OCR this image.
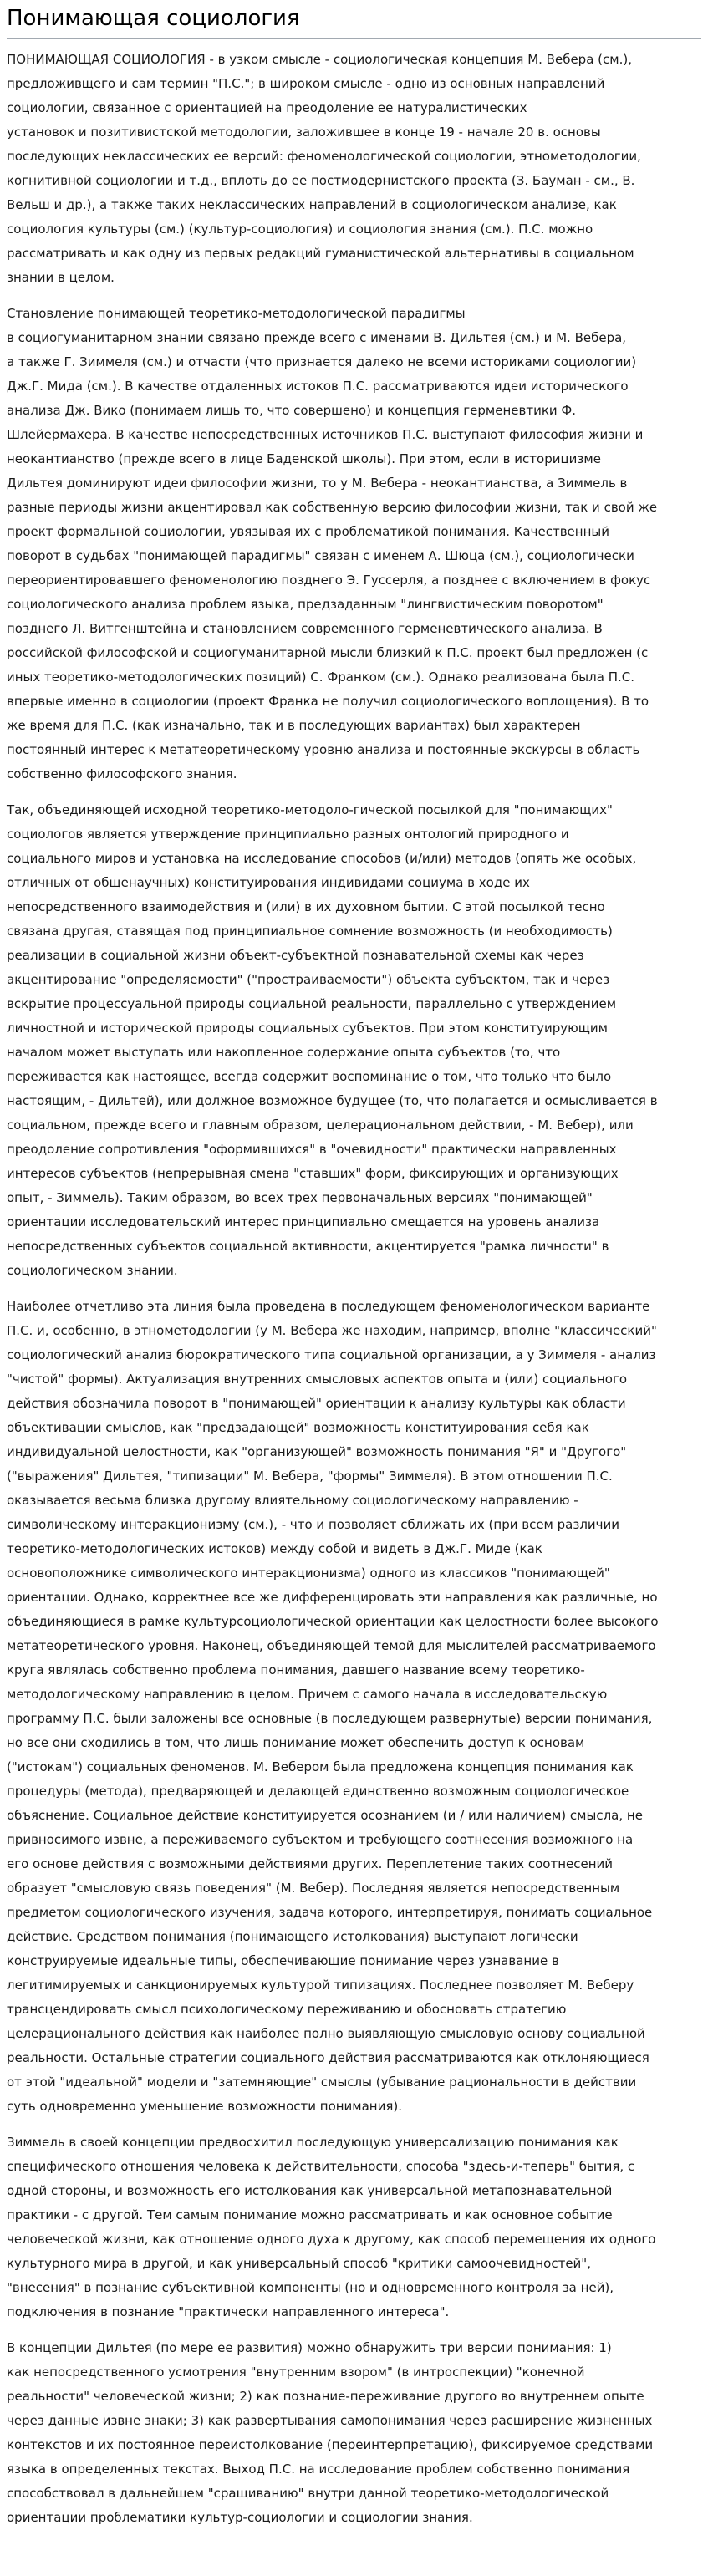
Понимающая социология

ПОНИМАЮЩАЯ СОЦИОЛОГИЯ - в узком смысле - социологическая концепция М. Вебера (см.),
предложивщего и сам термин "П.С."; в широком смысле - одно из основных направлений
социологии, связанное с ориентацией на преодоление ее натуралистических
установок и позитивистской методологии, заложившее в конце 19 - начале 20 в. основы
последующих неклассических ее версий: феноменологической социологии, этнометодологии,
когнитивной социологии и т.д., вплоть до ее постмодернистского проекта (З. Бауман - см., В.
Вельш и др.), а также таких неклассических направлений в социологическом анализе, как
социология культуры (см.) (культур-социология) и социология знания (см.). П.С. можно
рассматривать и как одну из первых редакций гуманистической альтернативы в социальном
знании в целом.

Становление понимающей теоретико-методологической парадигмы
в социогуманитарном знании связано прежде всего с именами В. Дильтея (см.) и М. Вебера,
а также Г. Зиммеля (см.) и отчасти (что признается далеко не всеми историками социологии)
Дж.Г. Мида (см.). В качестве отдаленных истоков П.С. рассматриваются идеи исторического
анализа Дж. Вико (понимаем лишь то, что совершено) и концепция герменевтики Ф.
Шлейермахера. В качестве непосредственных источников П.С. выступают философия жизни и
неокантианство (прежде всего в лице Баденской школы). При этом, если в историцизме
Дильтея доминируют идеи философии жизни, то у М. Вебера - неокантианства, а Зиммель в
разные периоды жизни акцентировал как собственную версию философии жизни, так и свой же
проект формальной социологии, увязывая их с проблематикой понимания. Качественный
поворот в судьбах "понимающей парадигмы" связан с именем А. Шюца (см.), социологически
переориентировавшего феноменологию позднего Э. Гуссерля, а позднее с включением в фокус
социологического анализа проблем языка, предзаданным "лингвистическим поворотом"
позднего Л. Витгенштейна и становлением современного герменевтического анализа. В
российской философской и социогуманитарной мысли близкий к П.С. проект был предложен (с
иных теоретико-методологических позиций) С. Франком (см.). Однако реализована была П.С.
впервые именно в социологии (проект Франка не получил социологического воплощения). В то
же время для П.С. (как изначально, так и в последующих вариантах) был характерен
постоянный интерес к метатеоретическому уровню анализа и постоянные экскурсы в область
собственно философского знания.

Так, объединяющей исходной теоретико-методоло-гической посылкой для "понимающих"
социологов является утверждение принципиально разных онтологий природного и
социального миров и установка на исследование способов (и/или) методов (опять же особых,
отличных от общенаучных) конституирования индивидами социума в ходе их
непосредственного взаимодействия и (или) в их духовном бытии. С этой посылкой тесно
связана другая, ставящая под принципиальное сомнение возможность (и необходимость)
реализации в социальной жизни объект-субъектной познавательной схемы как через
акцентирование "определяемости" ("простраиваемости") объекта субъектом, так и через
вскрытие процессуальной природы социальной реальности, параллельно с утверждением
личностной и исторической природы социальных субъектов. При этом конституирующим
началом может выступать или накопленное содержание опыта субъектов (то, что
переживается как настоящее, всегда содержит воспоминание о том, что только что было
настоящим, - Дильтей), или должное возможное будущее (то, что полагается и осмысливается в
социальном, прежде всего и главным образом, целерациональном действии, - М. Вебер), или
преодоление сопротивления "оформившихся" в "очевидности" практически направленных
интересов субъектов (непрерывная смена "ставших" форм, фиксирующих и организующих
опыт, - Зиммель). Таким образом, во всех трех первоначальных версиях "понимающей"
ориентации исследовательский интерес принципиально смещается на уровень анализа
непосредственных субъектов социальной активности, акцентируется "рамка личности" в
социологическом знании.

Наиболее отчетливо эта линия была проведена в последующем феноменологическом варианте
П.С. и, особенно, в этнометодологии (у М. Вебера же находим, например, вполне "классический"
социологический анализ бюрократического типа социальной организации, а у Зиммеля - анализ
"чистой" формы). Актуализация внутренних смысловых аспектов опыта и (или) социального
действия обозначила поворот в "понимающей" ориентации к анализу культуры как области
объективации смыслов, как "предзадающей" возможность конституирования себя как
индивидуальной целостности, как "организующей" возможность понимания "Я" и "Другого"
("выражения" Дильтея, "типизации" М. Вебера, "формы" Зиммеля). В этом отношении П.С.
оказывается весьма близка другому влиятельному социологическому направлению -
символическому интеракционизму (см.), - что и позволяет сближать их (при всем различии
теоретико-методологических истоков) между собой и видеть в Дж.Г. Миде (как
основоположнике символического интеракционизма) одного из классиков "понимающей"
ориентации. Однако, корректнее все же дифференцировать эти направления как различные, но
объединяющиеся в рамке культурсоциологической ориентации как целостности более высокого
метатеоретического уровня. Наконец, объединяющей темой для мыслителей рассматриваемого
круга являлась собственно проблема понимания, давшего название всему теоретико-
методологическому направлению в целом. Причем с самого начала в исследовательскую
программу П.С. были заложены все основные (в последующем развернутые) версии понимания,
но все они сходились в том, что лишь понимание может обеспечить доступ к основам
("истокам") социальных феноменов. М. Вебером была предложена концепция понимания как
процедуры (метода), предваряющей и делающей единственно возможным социологическое
объяснение. Социальное действие конституируется осознанием (и / или наличием) смысла, не
привносимого извне, а переживаемого субъектом и требующего соотнесения возможного на
его основе действия с возможными действиями других. Переплетение таких соотнесений
образует "смысловую связь поведения" (М. Вебер). Последняя является непосредственным
предметом социологического изучения, задача которого, интерпретируя, понимать социальное
действие. Средством понимания (понимающего истолкования) выступают логически
конструируемые идеальные типы, обеспечивающие понимание через узнавание в
легитимируемых и санкционируемых культурой типизациях. Последнее позволяет М. Веберу
трансцендировать смысл психологическому переживанию и обосновать стратегию
целерационального действия как наиболее полно выявляющую смысловую основу социальной
реальности. Остальные стратегии социального действия рассматриваются как отклоняющиеся
от этой "идеальной" модели и "затемняющие" смыслы (убывание рациональности в действии
суть одновременно уменьшение возможности понимания).

Зиммель в своей концепции предвосхитил последующую универсализацию понимания как
специфического отношения человека к действительности, способа "здесь-и-теперь" бытия, с
одной стороны, и возможность его истолкования как универсальной метапознавательной
практики - с другой. Тем самым понимание можно рассматривать и как основное событие
человеческой жизни, как отношение одного духа к другому, как способ перемещения их одного
культурного мира в другой, и как универсальный способ "критики самоочевидностей",
"внесения" в познание субъективной компоненты (но и одновременного контроля за ней),
подключения в познание "практически направленного интереса".

В концепции Дильтея (по мере ее развития) можно обнаружить три версии понимания: 1)
как непосредственного усмотрения "внутренним взором" (в интроспекции) "конечной
реальности" человеческой жизни; 2) как познание-переживание другого во внутреннем опыте
через данные извне знаки; 3) как развертывания самопонимания через расширение жизненных
контекстов и их постоянное переистолкование (переинтерпретацию), фиксируемое средствами
языка в определенных текстах. Выход П.С. на исследование проблем собственно понимания
способствовал в дальнейшем "сращиванию" внутри данной теоретико-методологической
ориентации проблематики культур-социологии и социологии знания.
